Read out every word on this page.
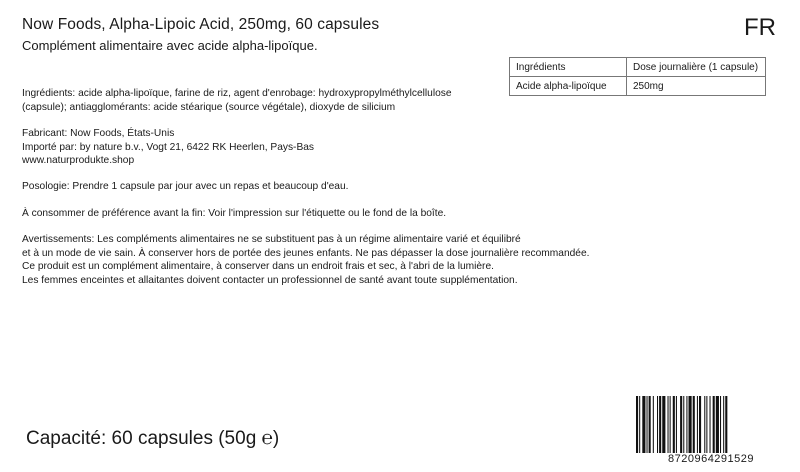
Now Foods, Alpha-Lipoic Acid, 250mg, 60 capsules
Complément alimentaire avec acide alpha-lipoïque.
FR
Ingrédients	Dose journalière (1 capsule)
Acide alpha-lipoïque	250mg
Ingrédients: acide alpha-lipoïque, farine de riz, agent d'enrobage: hydroxypropylméthylcellulose
(capsule); antiagglomérants: acide stéarique (source végétale), dioxyde de silicium
Fabricant: Now Foods, États-Unis
Importé par: by nature b.v., Vogt 21, 6422 RK Heerlen, Pays-Bas
www.naturprodukte.shop
Posologie: Prendre 1 capsule par jour avec un repas et beaucoup d'eau.
À consommer de préférence avant la fin: Voir l'impression sur l'étiquette ou le fond de la boîte.
Avertissements: Les compléments alimentaires ne se substituent pas à un régime alimentaire varié et équilibré
et à un mode de vie sain. À conserver hors de portée des jeunes enfants. Ne pas dépasser la dose journalière recommandée.
Ce produit est un complément alimentaire, à conserver dans un endroit frais et sec, à l'abri de la lumière.
Les femmes enceintes et allaitantes doivent contacter un professionnel de santé avant toute supplémentation.
Capacité: 60 capsules (50g ℮)
8720964291529
